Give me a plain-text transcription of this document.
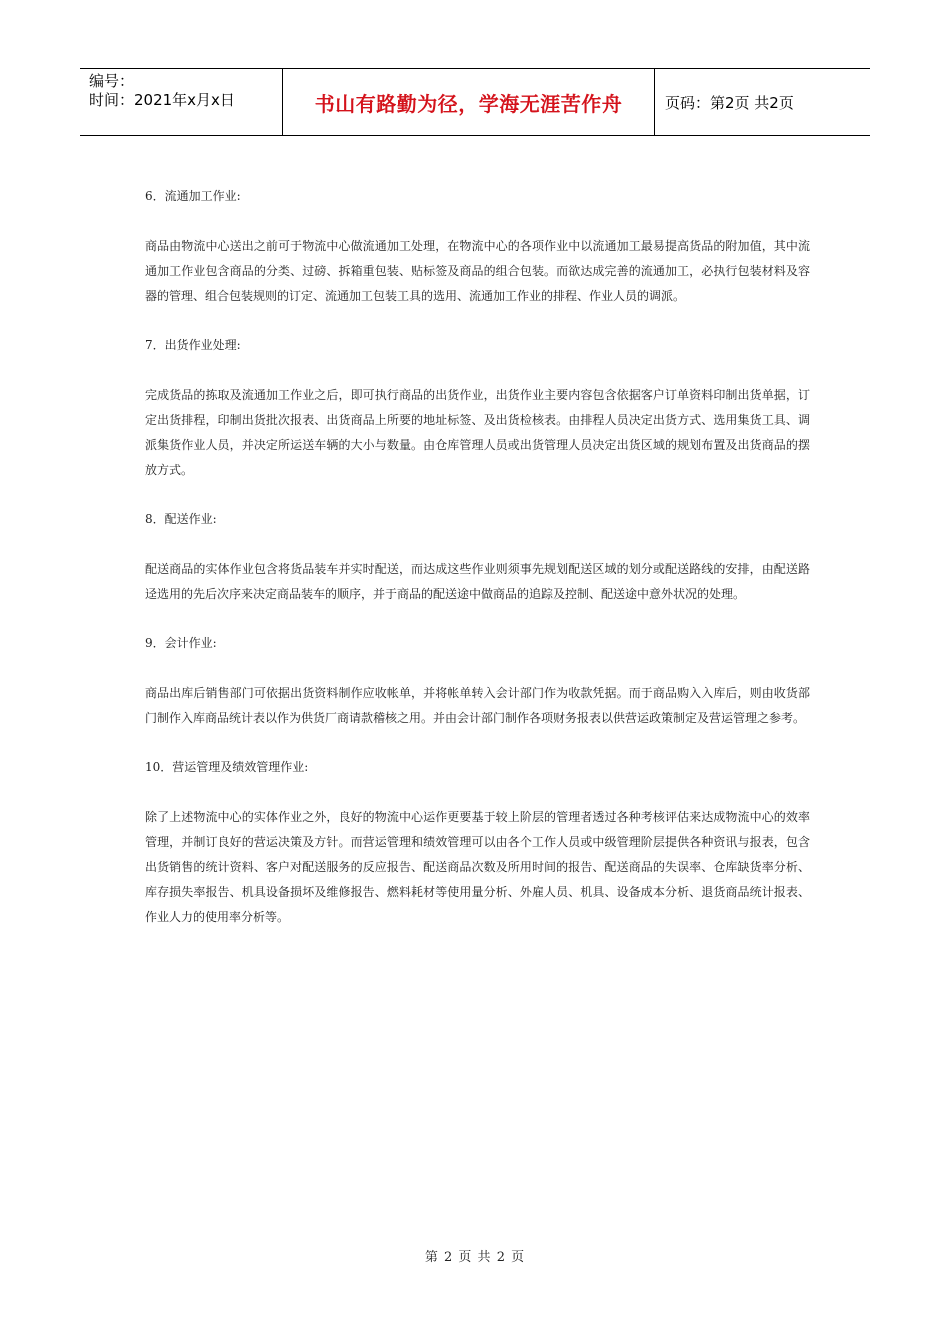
编号：
时间：2021年x月x日	书山有路勤为径，学海无涯苦作舟	页码：第2页 共2页

6．流通加工作业:

商品由物流中心送出之前可于物流中心做流通加工处理，在物流中心的各项作业中以流通加工最易提高货品的附加值，其中流通加工作业包含商品的分类、过磅、拆箱重包装、贴标签及商品的组合包装。而欲达成完善的流通加工，必执行包装材料及容器的管理、组合包装规则的订定、流通加工包装工具的选用、流通加工作业的排程、作业人员的调派。

7．出货作业处理:

完成货品的拣取及流通加工作业之后，即可执行商品的出货作业，出货作业主要内容包含依据客户订单资料印制出货单据，订定出货排程，印制出货批次报表、出货商品上所要的地址标签、及出货检核表。由排程人员决定出货方式、选用集货工具、调派集货作业人员，并决定所运送车辆的大小与数量。由仓库管理人员或出货管理人员决定出货区域的规划布置及出货商品的摆放方式。

8．配送作业:

配送商品的实体作业包含将货品装车并实时配送，而达成这些作业则须事先规划配送区域的划分或配送路线的安排，由配送路迳选用的先后次序来决定商品装车的顺序，并于商品的配送途中做商品的追踪及控制、配送途中意外状况的处理。

9．会计作业:

商品出库后销售部门可依据出货资料制作应收帐单，并将帐单转入会计部门作为收款凭据。而于商品购入入库后，则由收货部门制作入库商品统计表以作为供货厂商请款稽核之用。并由会计部门制作各项财务报表以供营运政策制定及营运管理之参考。

10．营运管理及绩效管理作业:

除了上述物流中心的实体作业之外，良好的物流中心运作更要基于较上阶层的管理者透过各种考核评估来达成物流中心的效率管理，并制订良好的营运决策及方针。而营运管理和绩效管理可以由各个工作人员或中级管理阶层提供各种资讯与报表，包含出货销售的统计资料、客户对配送服务的反应报告、配送商品次数及所用时间的报告、配送商品的失误率、仓库缺货率分析、库存损失率报告、机具设备损坏及维修报告、燃料耗材等使用量分析、外雇人员、机具、设备成本分析、退货商品统计报表、作业人力的使用率分析等。

第 2 页 共 2 页
